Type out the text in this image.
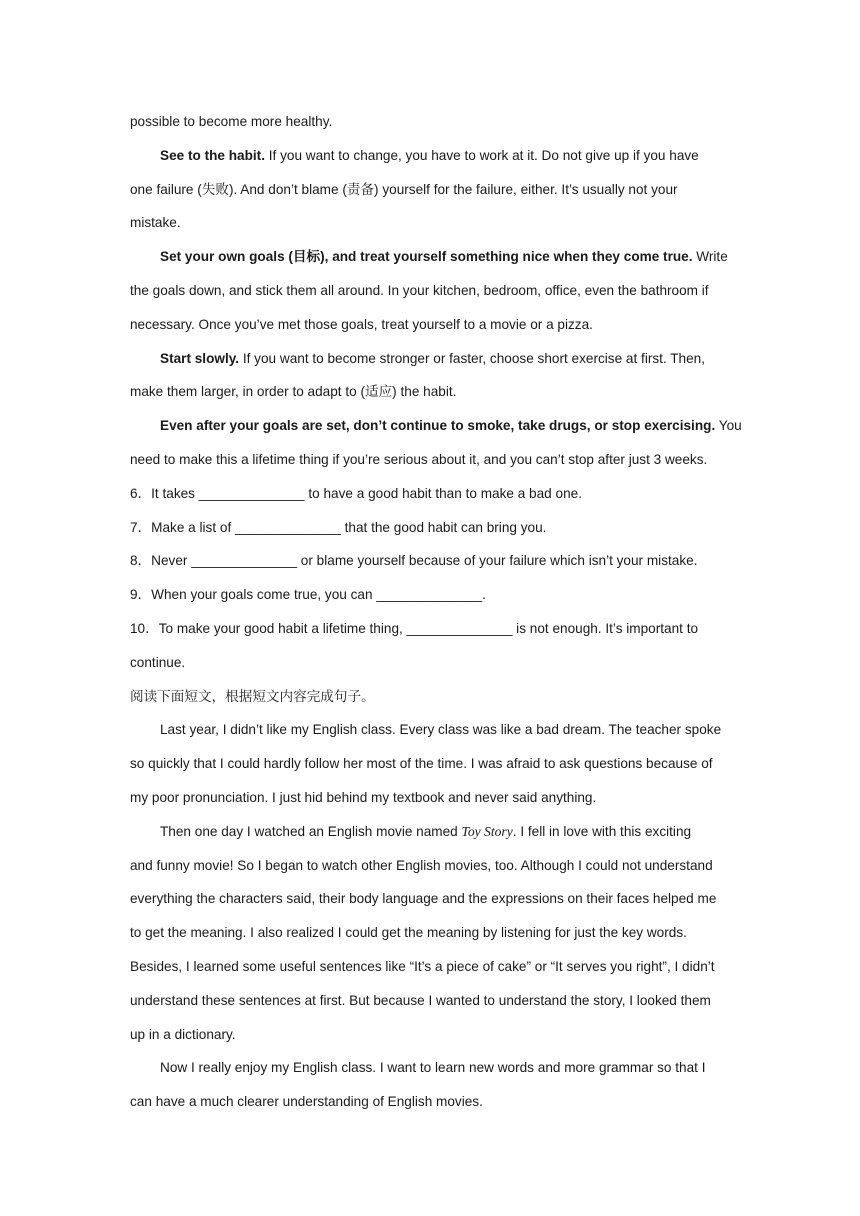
possible to become more healthy.
See to the habit. If you want to change, you have to work at it. Do not give up if you have
one failure (失败). And don’t blame (责备) yourself for the failure, either. It’s usually not your
mistake.
Set your own goals (目标), and treat yourself something nice when they come true. Write
the goals down, and stick them all around. In your kitchen, bedroom, office, even the bathroom if
necessary. Once you’ve met those goals, treat yourself to a movie or a pizza.
Start slowly. If you want to become stronger or faster, choose short exercise at first. Then,
make them larger, in order to adapt to (适应) the habit.
Even after your goals are set, don’t continue to smoke, take drugs, or stop exercising. You
need to make this a lifetime thing if you’re serious about it, and you can’t stop after just 3 weeks.
6．It takes ______________ to have a good habit than to make a bad one.
7．Make a list of ______________ that the good habit can bring you.
8．Never ______________ or blame yourself because of your failure which isn’t your mistake.
9．When your goals come true, you can ______________.
10．To make your good habit a lifetime thing, ______________ is not enough. It’s important to
continue.
阅读下面短文，根据短文内容完成句子。
Last year, I didn’t like my English class. Every class was like a bad dream. The teacher spoke
so quickly that I could hardly follow her most of the time. I was afraid to ask questions because of
my poor pronunciation. I just hid behind my textbook and never said anything.
Then one day I watched an English movie named Toy Story. I fell in love with this exciting
and funny movie! So I began to watch other English movies, too. Although I could not understand
everything the characters said, their body language and the expressions on their faces helped me
to get the meaning. I also realized I could get the meaning by listening for just the key words.
Besides, I learned some useful sentences like “It’s a piece of cake” or “It serves you right”, I didn’t
understand these sentences at first. But because I wanted to understand the story, I looked them
up in a dictionary.
Now I really enjoy my English class. I want to learn new words and more grammar so that I
can have a much clearer understanding of English movies.
